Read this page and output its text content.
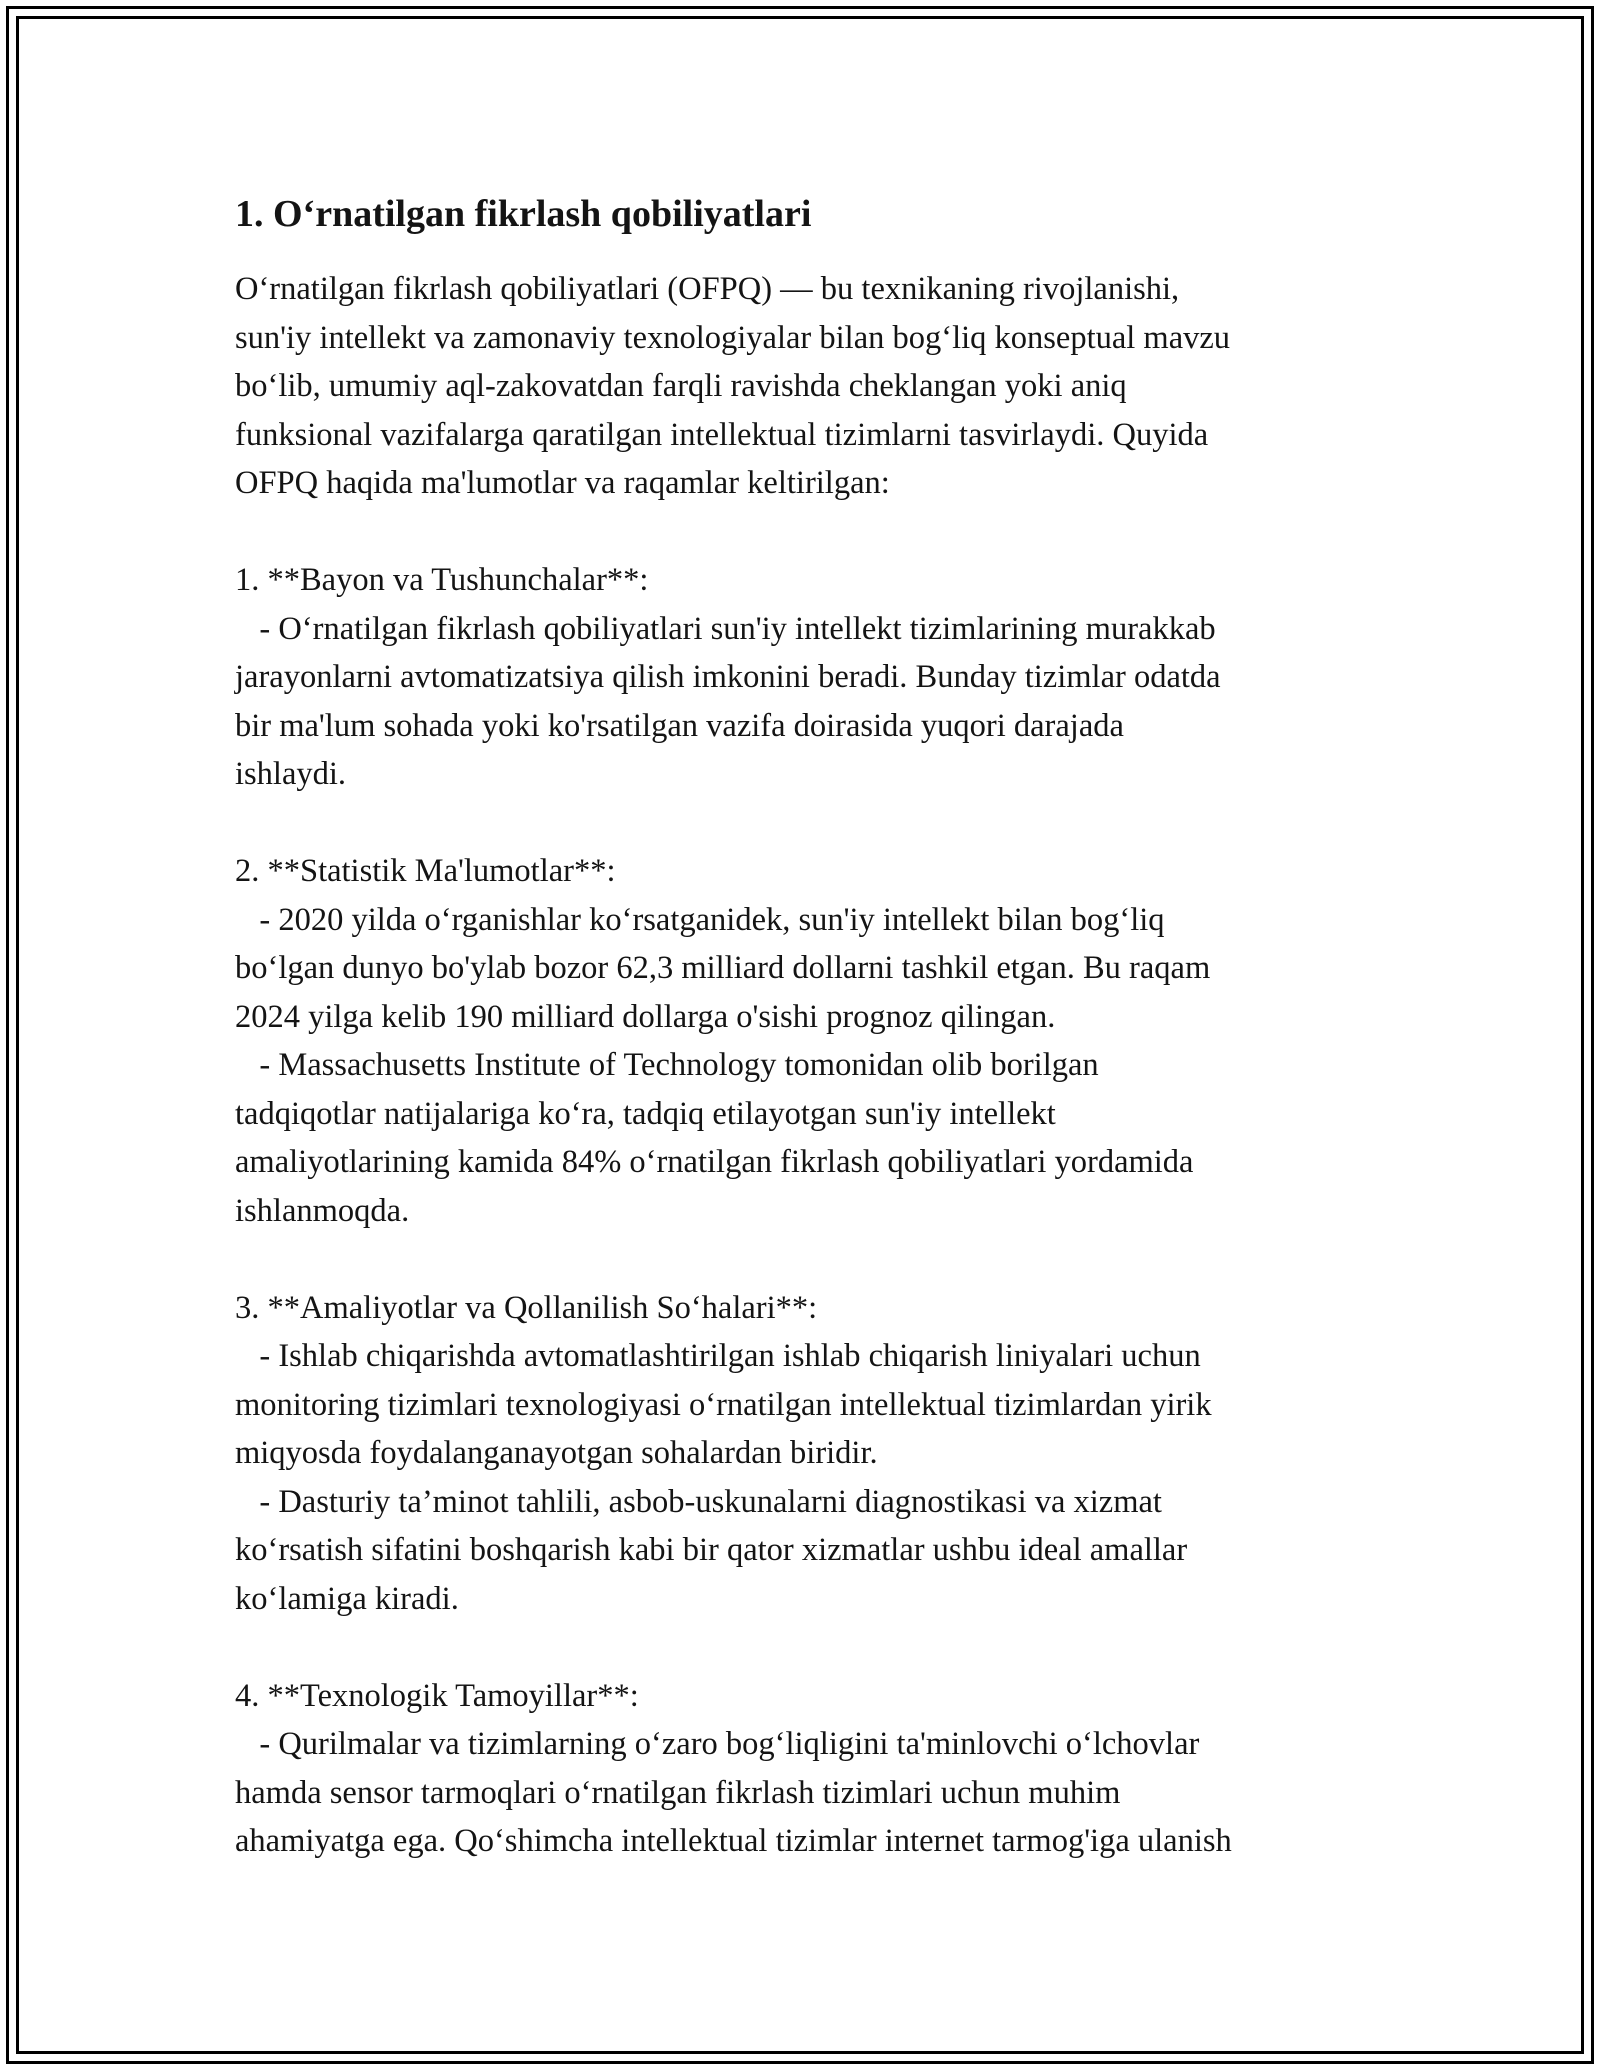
1. O‘rnatilgan fikrlash qobiliyatlari

O‘rnatilgan fikrlash qobiliyatlari (OFPQ) — bu texnikaning rivojlanishi,
sun'iy intellekt va zamonaviy texnologiyalar bilan bog‘liq konseptual mavzu
bo‘lib, umumiy aql-zakovatdan farqli ravishda cheklangan yoki aniq
funksional vazifalarga qaratilgan intellektual tizimlarni tasvirlaydi. Quyida
OFPQ haqida ma'lumotlar va raqamlar keltirilgan:

1. **Bayon va Tushunchalar**:
- O‘rnatilgan fikrlash qobiliyatlari sun'iy intellekt tizimlarining murakkab
jarayonlarni avtomatizatsiya qilish imkonini beradi. Bunday tizimlar odatda
bir ma'lum sohada yoki ko'rsatilgan vazifa doirasida yuqori darajada
ishlaydi.

2. **Statistik Ma'lumotlar**:
- 2020 yilda o‘rganishlar ko‘rsatganidek, sun'iy intellekt bilan bog‘liq
bo‘lgan dunyo bo'ylab bozor 62,3 milliard dollarni tashkil etgan. Bu raqam
2024 yilga kelib 190 milliard dollarga o'sishi prognoz qilingan.
- Massachusetts Institute of Technology tomonidan olib borilgan
tadqiqotlar natijalariga ko‘ra, tadqiq etilayotgan sun'iy intellekt
amaliyotlarining kamida 84% o‘rnatilgan fikrlash qobiliyatlari yordamida
ishlanmoqda.

3. **Amaliyotlar va Qollanilish So‘halari**:
- Ishlab chiqarishda avtomatlashtirilgan ishlab chiqarish liniyalari uchun
monitoring tizimlari texnologiyasi o‘rnatilgan intellektual tizimlardan yirik
miqyosda foydalanganayotgan sohalardan biridir.
- Dasturiy ta’minot tahlili, asbob-uskunalarni diagnostikasi va xizmat
ko‘rsatish sifatini boshqarish kabi bir qator xizmatlar ushbu ideal amallar
ko‘lamiga kiradi.

4. **Texnologik Tamoyillar**:
- Qurilmalar va tizimlarning o‘zaro bog‘liqligini ta'minlovchi o‘lchovlar
hamda sensor tarmoqlari o‘rnatilgan fikrlash tizimlari uchun muhim
ahamiyatga ega. Qo‘shimcha intellektual tizimlar internet tarmog'iga ulanish
